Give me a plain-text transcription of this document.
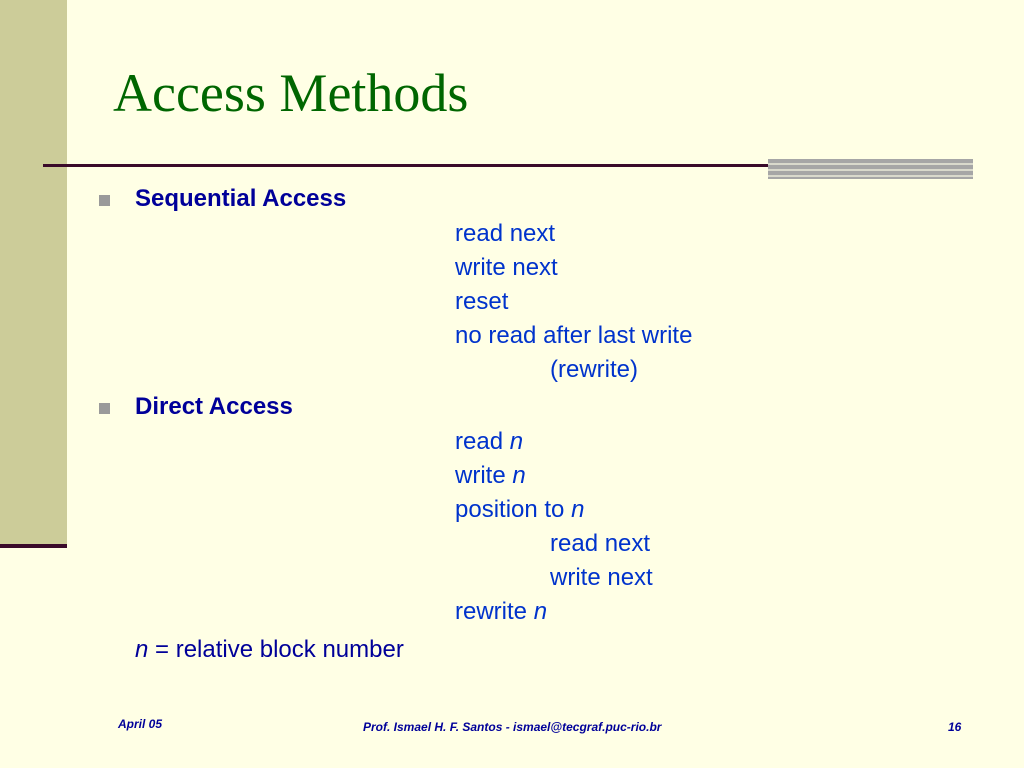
Access Methods
Sequential Access
read next
write next
reset
no read after last write
(rewrite)
Direct Access
read n
write n
position to n
read next
write next
rewrite n
n = relative block number
April 05	Prof. Ismael H. F. Santos - ismael@tecgraf.puc-rio.br	16
